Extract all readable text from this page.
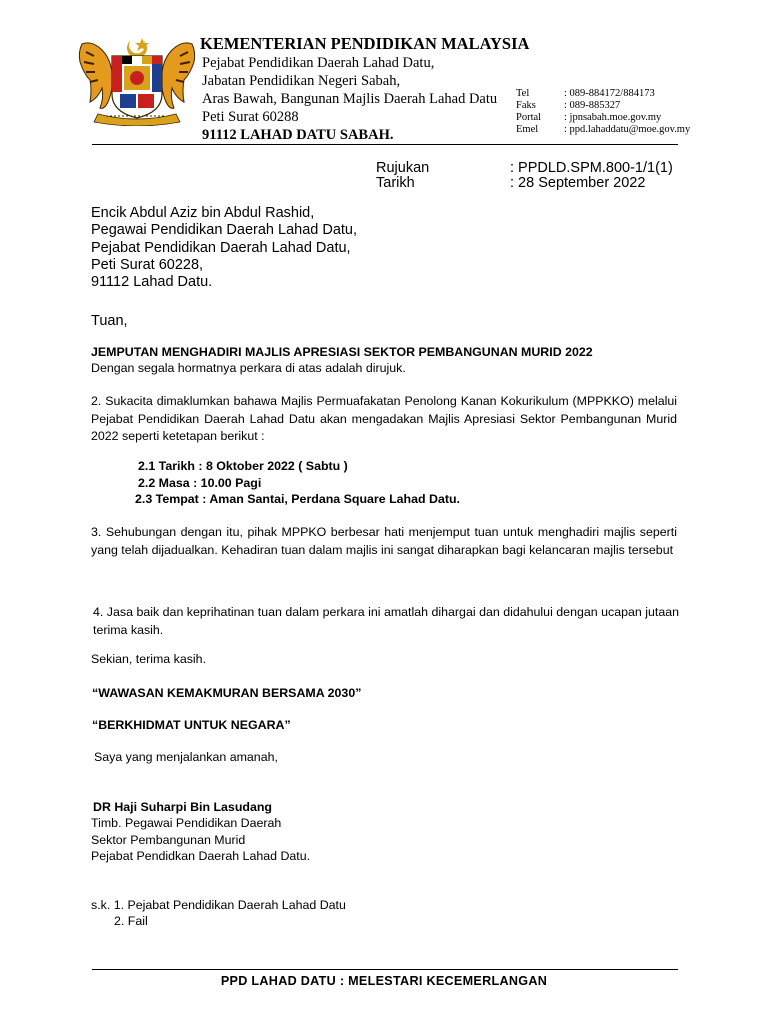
KEMENTERIAN PENDIDIKAN MALAYSIA

Pejabat Pendidikan Daerah Lahad Datu,

Jabatan Pendidikan Negeri Sabah,

Aras Bawah, Bangunan Majlis Daerah Lahad Datu

Peti Surat 60288

91112 LAHAD DATU SABAH.

Tel	: 089-884172/884173
Faks	: 089-885327
Portal : jpnsabah.moe.gov.my
Emel : ppd.lahaddatu@moe.gov.my

Rujukan	: PPDLD.SPM.800-1/1(1)

Tarikh	: 28 September 2022

Encik Abdul Aziz bin Abdul Rashid,
Pegawai Pendidikan Daerah Lahad Datu,
Pejabat Pendidikan Daerah Lahad Datu,
Peti Surat 60228,
91112 Lahad Datu.

Tuan,

JEMPUTAN MENGHADIRI MAJLIS APRESIASI SEKTOR PEMBANGUNAN MURID 2022

Dengan segala hormatnya perkara di atas adalah dirujuk.

2. Sukacita dimaklumkan bahawa Majlis Permuafakatan Penolong Kanan Kokurikulum (MPPKKO) melalui Pejabat Pendidikan Daerah Lahad Datu akan mengadakan Majlis Apresiasi Sektor Pembangunan Murid 2022 seperti ketetapan berikut :

2.1 Tarikh : 8 Oktober 2022 ( Sabtu )

2.2 Masa : 10.00 Pagi

2.3 Tempat : Aman Santai, Perdana Square Lahad Datu.

3. Sehubungan dengan itu, pihak MPPKO berbesar hati menjemput tuan untuk menghadiri majlis seperti yang telah dijadualkan. Kehadiran tuan dalam majlis ini sangat diharapkan bagi kelancaran majlis tersebut

4. Jasa baik dan keprihatinan tuan dalam perkara ini amatlah dihargai dan didahului dengan ucapan jutaan terima kasih.

Sekian, terima kasih.

“WAWASAN KEMAKMURAN BERSAMA 2030”

“BERKHIDMAT UNTUK NEGARA”

Saya yang menjalankan amanah,

DR Haji Suharpi Bin Lasudang

Timb. Pegawai Pendidikan Daerah

Sektor Pembangunan Murid

Pejabat Pendidkan Daerah Lahad Datu.

s.k. 1. Pejabat Pendidikan Daerah Lahad Datu

2. Fail

PPD LAHAD DATU : MELESTARI KECEMERLANGAN
